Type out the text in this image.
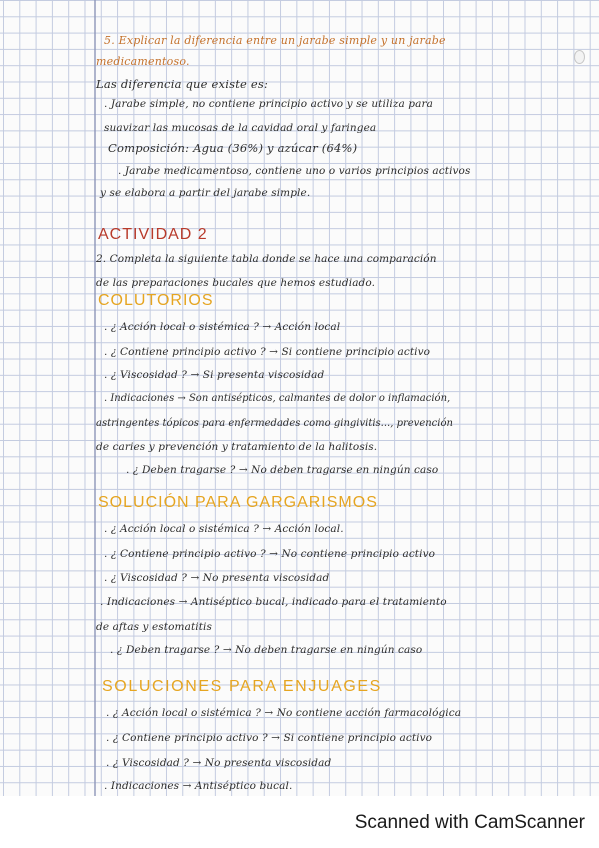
5. Explicar la diferencia entre un jarabe simple y un jarabe
medicamentoso.
Las diferencia que existe es:
. Jarabe simple, no contiene principio activo y se utiliza para
suavizar las mucosas de la cavidad oral y faringea
Composición: Agua (36%) y azúcar (64%)
. Jarabe medicamentoso, contiene uno o varios principios activos
y se elabora a partir del jarabe simple.
ACTIVIDAD 2
2. Completa la siguiente tabla donde se hace una comparación
de las preparaciones bucales que hemos estudiado.
COLUTORIOS
. ¿ Acción local o sistémica ? → Acción local
. ¿ Contiene principio activo ? → Si contiene principio activo
. ¿ Viscosidad ? → Si presenta viscosidad
. Indicaciones → Son antisépticos, calmantes de dolor o inflamación,
astringentes tópicos para enfermedades como gingivitis..., prevención
de caries y prevención y tratamiento de la halitosis.
. ¿ Deben tragarse ? → No deben tragarse en ningún caso
SOLUCIÓN PARA GARGARISMOS
. ¿ Acción local o sistémica ? → Acción local.
. ¿ Contiene principio activo ? → No contiene principio activo
. ¿ Viscosidad ? → No presenta viscosidad
. Indicaciones → Antiséptico bucal, indicado para el tratamiento
de aftas y estomatitis
. ¿ Deben tragarse ? → No deben tragarse en ningún caso
SOLUCIONES PARA ENJUAGES
. ¿ Acción local o sistémica ? → No contiene acción farmacológica
. ¿ Contiene principio activo ? → Si contiene principio activo
. ¿ Viscosidad ? → No presenta viscosidad
. Indicaciones → Antiséptico bucal.
Scanned with CamScanner
